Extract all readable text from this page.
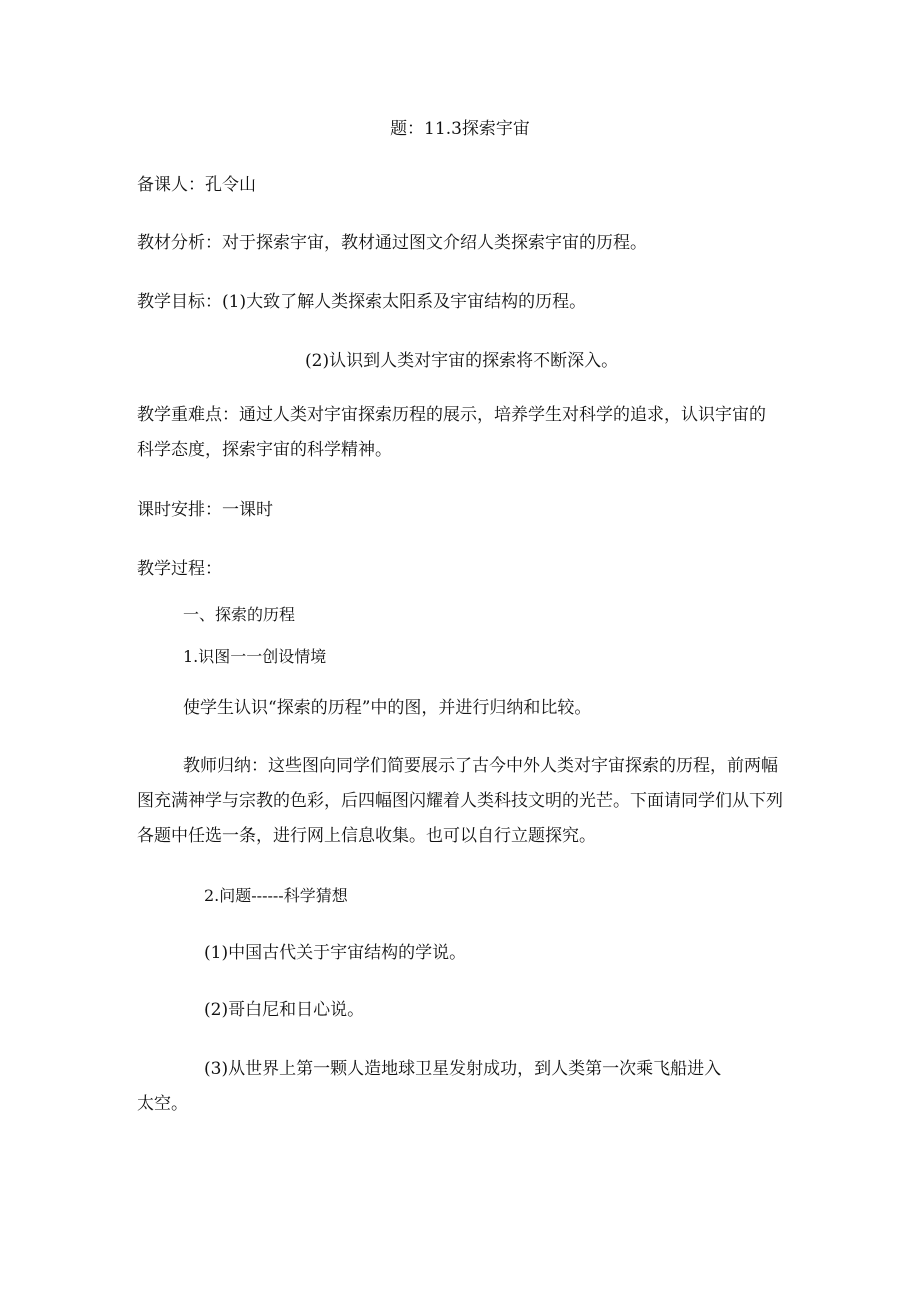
题：11.3探索宇宙
备课人：孔令山
教材分析：对于探索宇宙，教材通过图文介绍人类探索宇宙的历程。
教学目标：(1)大致了解人类探索太阳系及宇宙结构的历程。
(2)认识到人类对宇宙的探索将不断深入。
教学重难点：通过人类对宇宙探索历程的展示，培养学生对科学的追求，认识宇宙的
科学态度，探索宇宙的科学精神。
课时安排：一课时
教学过程：
一、探索的历程
1.识图一一创设情境
使学生认识“探索的历程”中的图，并进行归纳和比较。
教师归纳：这些图向同学们简要展示了古今中外人类对宇宙探索的历程，前两幅
图充满神学与宗教的色彩，后四幅图闪耀着人类科技文明的光芒。下面请同学们从下列
各题中任选一条，进行网上信息收集。也可以自行立题探究。
2.问题------科学猜想
(1)中国古代关于宇宙结构的学说。
(2)哥白尼和日心说。
(3)从世界上第一颗人造地球卫星发射成功，到人类第一次乘飞船进入
太空。
